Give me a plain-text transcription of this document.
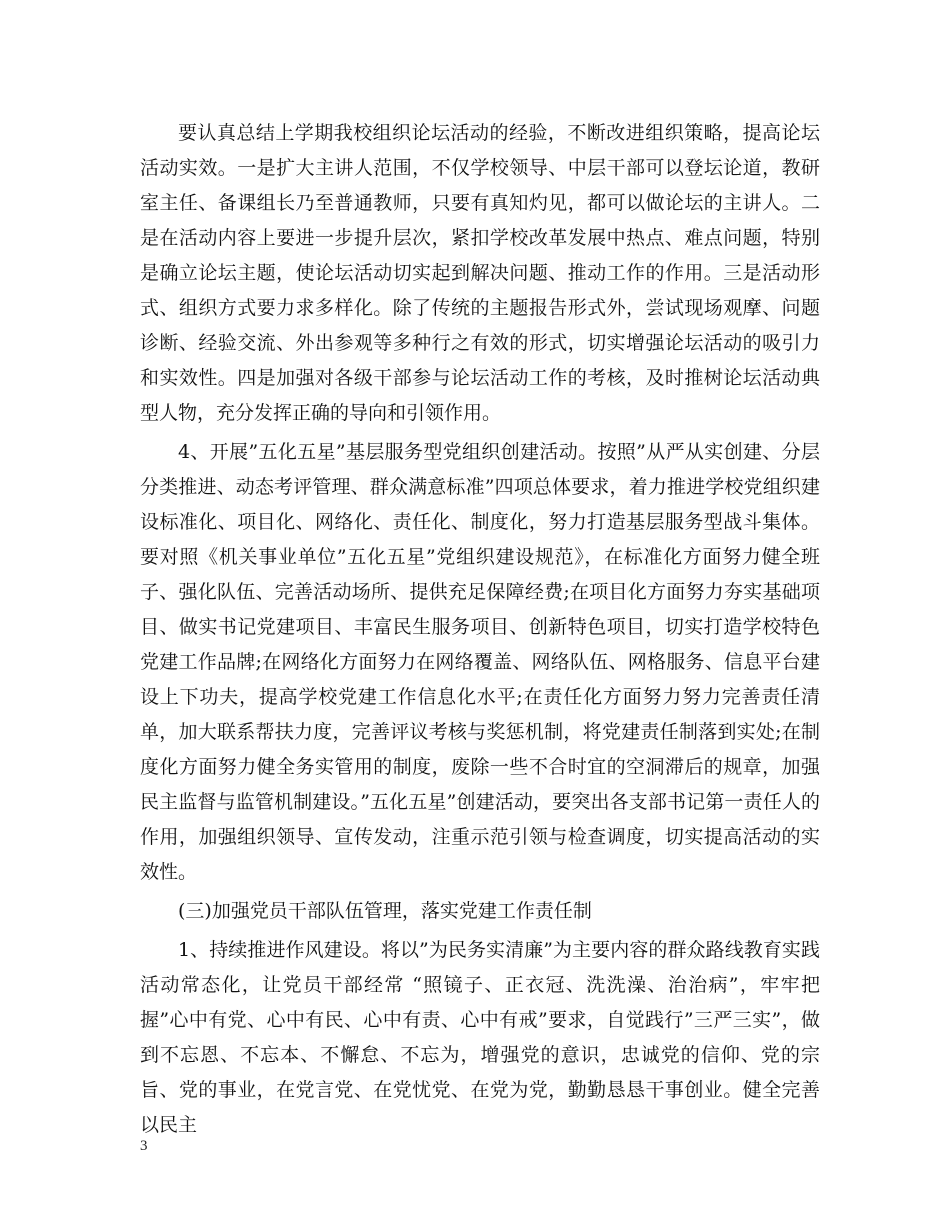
要认真总结上学期我校组织论坛活动的经验，不断改进组织策略，提高论坛活动实效。一是扩大主讲人范围，不仅学校领导、中层干部可以登坛论道，教研室主任、备课组长乃至普通教师，只要有真知灼见，都可以做论坛的主讲人。二是在活动内容上要进一步提升层次，紧扣学校改革发展中热点、难点问题，特别是确立论坛主题，使论坛活动切实起到解决问题、推动工作的作用。三是活动形式、组织方式要力求多样化。除了传统的主题报告形式外，尝试现场观摩、问题诊断、经验交流、外出参观等多种行之有效的形式，切实增强论坛活动的吸引力和实效性。四是加强对各级干部参与论坛活动工作的考核，及时推树论坛活动典型人物，充分发挥正确的导向和引领作用。

4、开展”五化五星”基层服务型党组织创建活动。按照”从严从实创建、分层分类推进、动态考评管理、群众满意标准”四项总体要求，着力推进学校党组织建设标准化、项目化、网络化、责任化、制度化，努力打造基层服务型战斗集体。要对照《机关事业单位”五化五星”党组织建设规范》，在标准化方面努力健全班子、强化队伍、完善活动场所、提供充足保障经费;在项目化方面努力夯实基础项目、做实书记党建项目、丰富民生服务项目、创新特色项目，切实打造学校特色党建工作品牌;在网络化方面努力在网络覆盖、网络队伍、网格服务、信息平台建设上下功夫，提高学校党建工作信息化水平;在责任化方面努力努力完善责任清单，加大联系帮扶力度，完善评议考核与奖惩机制，将党建责任制落到实处;在制度化方面努力健全务实管用的制度，废除一些不合时宜的空洞滞后的规章，加强民主监督与监管机制建设。”五化五星”创建活动，要突出各支部书记第一责任人的作用，加强组织领导、宣传发动，注重示范引领与检查调度，切实提高活动的实效性。

(三)加强党员干部队伍管理，落实党建工作责任制

1、持续推进作风建设。将以”为民务实清廉”为主要内容的群众路线教育实践活动常态化，让党员干部经常 “照镜子、正衣冠、洗洗澡、治治病”，牢牢把握”心中有党、心中有民、心中有责、心中有戒”要求，自觉践行”三严三实”，做到不忘恩、不忘本、不懈怠、不忘为，增强党的意识，忠诚党的信仰、党的宗旨、党的事业，在党言党、在党忧党、在党为党，勤勤恳恳干事创业。健全完善以民主

3
